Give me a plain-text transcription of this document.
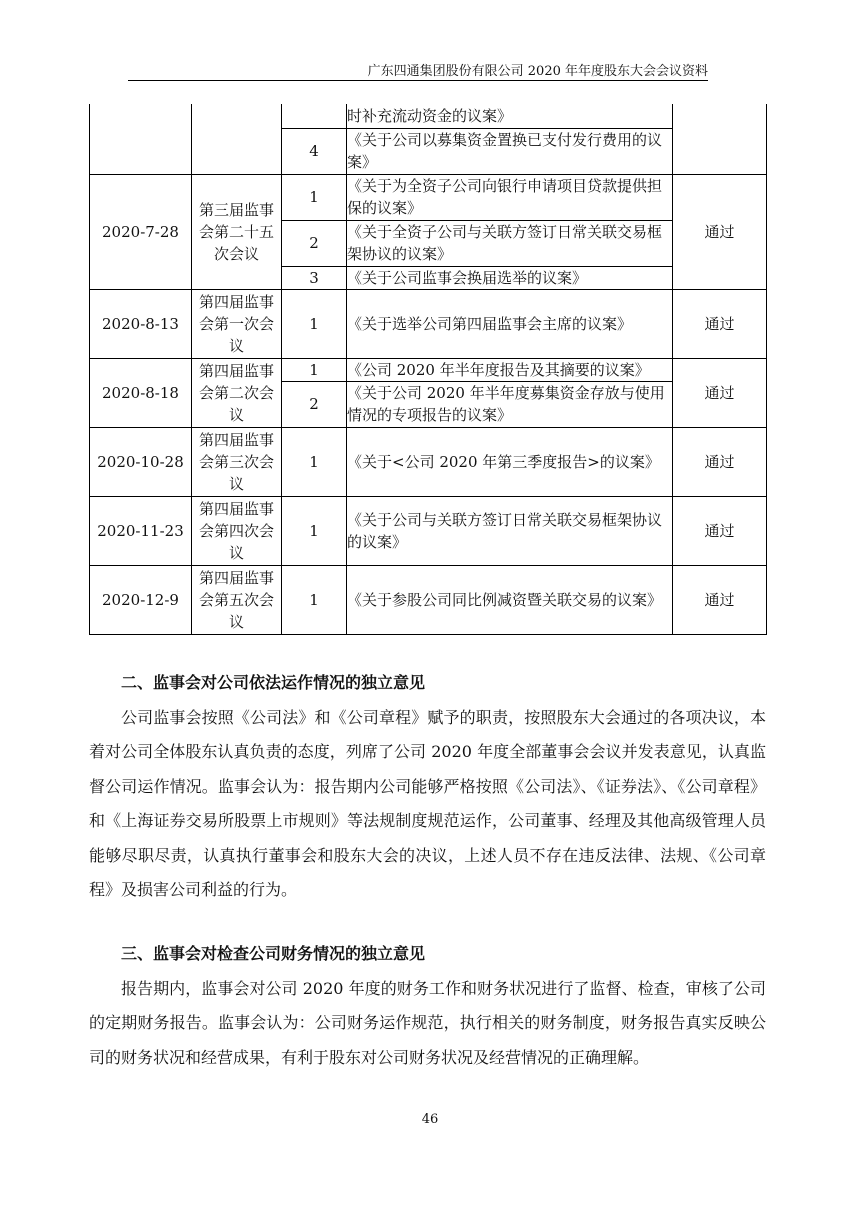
广东四通集团股份有限公司 2020 年年度股东大会会议资料
			时补充流动资金的议案》	
		4	《关于公司以募集资金置换已支付发行费用的议案》	
2020-7-28	第三届监事会第二十五次会议	1	《关于为全资子公司向银行申请项目贷款提供担保的议案》	通过
		2	《关于全资子公司与关联方签订日常关联交易框架协议的议案》	
		3	《关于公司监事会换届选举的议案》	
2020-8-13	第四届监事会第一次会议	1	《关于选举公司第四届监事会主席的议案》	通过
2020-8-18	第四届监事会第二次会议	1	《公司 2020 年半年度报告及其摘要的议案》	通过
		2	《关于公司 2020 年半年度募集资金存放与使用情况的专项报告的议案》	
2020-10-28	第四届监事会第三次会议	1	《关于<公司 2020 年第三季度报告>的议案》	通过
2020-11-23	第四届监事会第四次会议	1	《关于公司与关联方签订日常关联交易框架协议的议案》	通过
2020-12-9	第四届监事会第五次会议	1	《关于参股公司同比例减资暨关联交易的议案》	通过
二、监事会对公司依法运作情况的独立意见
公司监事会按照《公司法》和《公司章程》赋予的职责，按照股东大会通过的各项决议，本着对公司全体股东认真负责的态度，列席了公司 2020 年度全部董事会会议并发表意见，认真监督公司运作情况。监事会认为：报告期内公司能够严格按照《公司法》、《证券法》、《公司章程》和《上海证券交易所股票上市规则》等法规制度规范运作，公司董事、经理及其他高级管理人员能够尽职尽责，认真执行董事会和股东大会的决议，上述人员不存在违反法律、法规、《公司章程》及损害公司利益的行为。
三、监事会对检查公司财务情况的独立意见
报告期内，监事会对公司 2020 年度的财务工作和财务状况进行了监督、检查，审核了公司的定期财务报告。监事会认为：公司财务运作规范，执行相关的财务制度，财务报告真实反映公司的财务状况和经营成果，有利于股东对公司财务状况及经营情况的正确理解。
46
